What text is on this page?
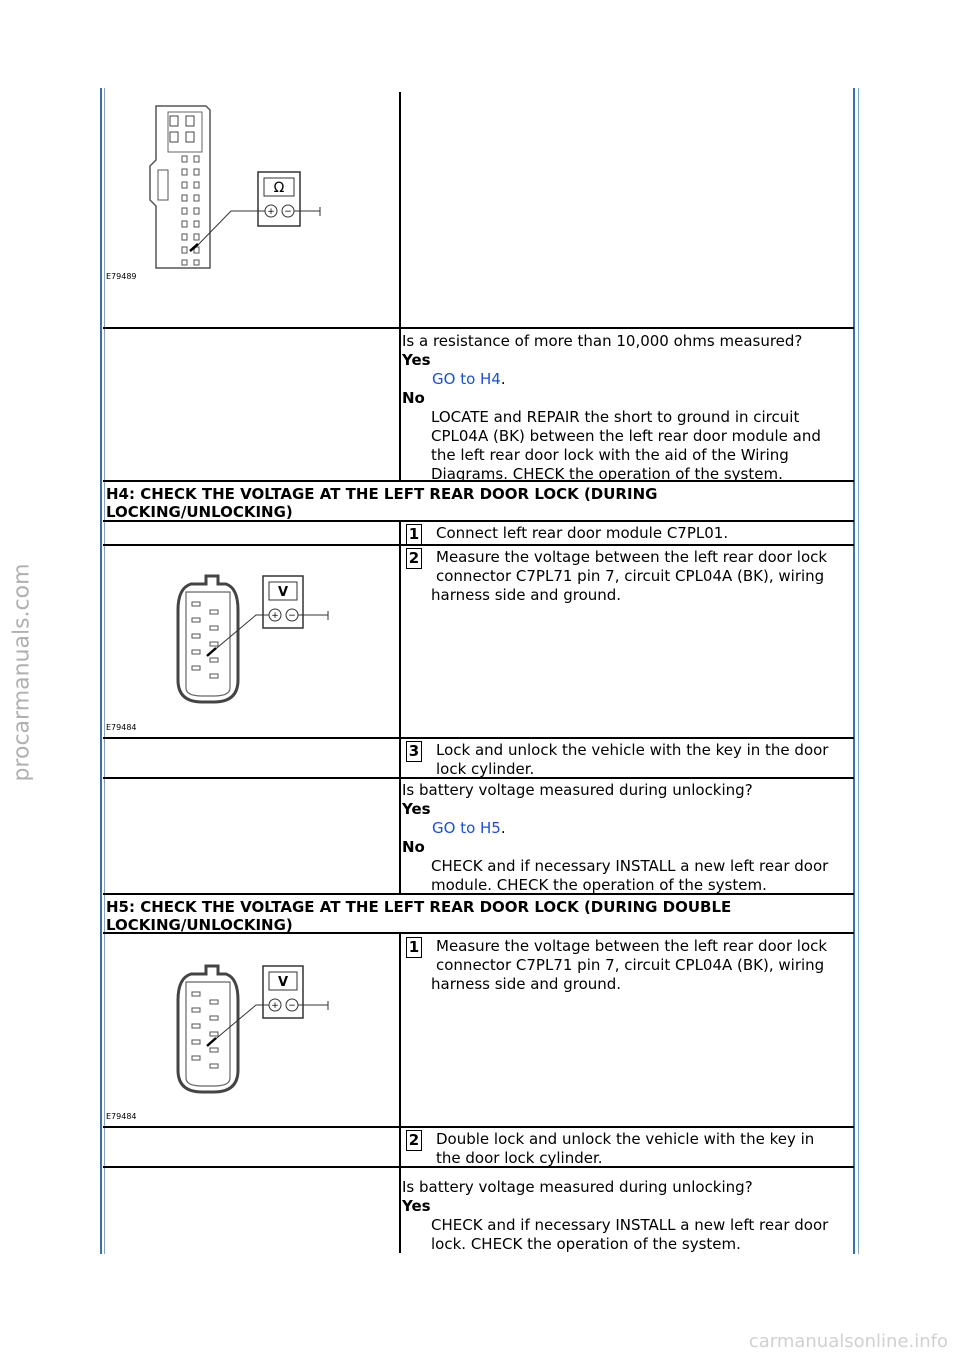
procarmanuals.com
carmanualsonline.info
Ω
+ −
E79489
Is a resistance of more than 10,000 ohms measured?
Yes
GO to H4.
No
LOCATE and REPAIR the short to ground in circuit
CPL04A (BK) between the left rear door module and
the left rear door lock with the aid of the Wiring
Diagrams. CHECK the operation of the system.
H4: CHECK THE VOLTAGE AT THE LEFT REAR DOOR LOCK (DURING
LOCKING/UNLOCKING)
1 Connect left rear door module C7PL01.
2 Measure the voltage between the left rear door lock
connector C7PL71 pin 7, circuit CPL04A (BK), wiring
harness side and ground.
V
+ −
E79484
3 Lock and unlock the vehicle with the key in the door
lock cylinder.
Is battery voltage measured during unlocking?
Yes
GO to H5.
No
CHECK and if necessary INSTALL a new left rear door
module. CHECK the operation of the system.
H5: CHECK THE VOLTAGE AT THE LEFT REAR DOOR LOCK (DURING DOUBLE
LOCKING/UNLOCKING)
1 Measure the voltage between the left rear door lock
connector C7PL71 pin 7, circuit CPL04A (BK), wiring
harness side and ground.
V
+ −
E79484
2 Double lock and unlock the vehicle with the key in
the door lock cylinder.
Is battery voltage measured during unlocking?
Yes
CHECK and if necessary INSTALL a new left rear door
lock. CHECK the operation of the system.
